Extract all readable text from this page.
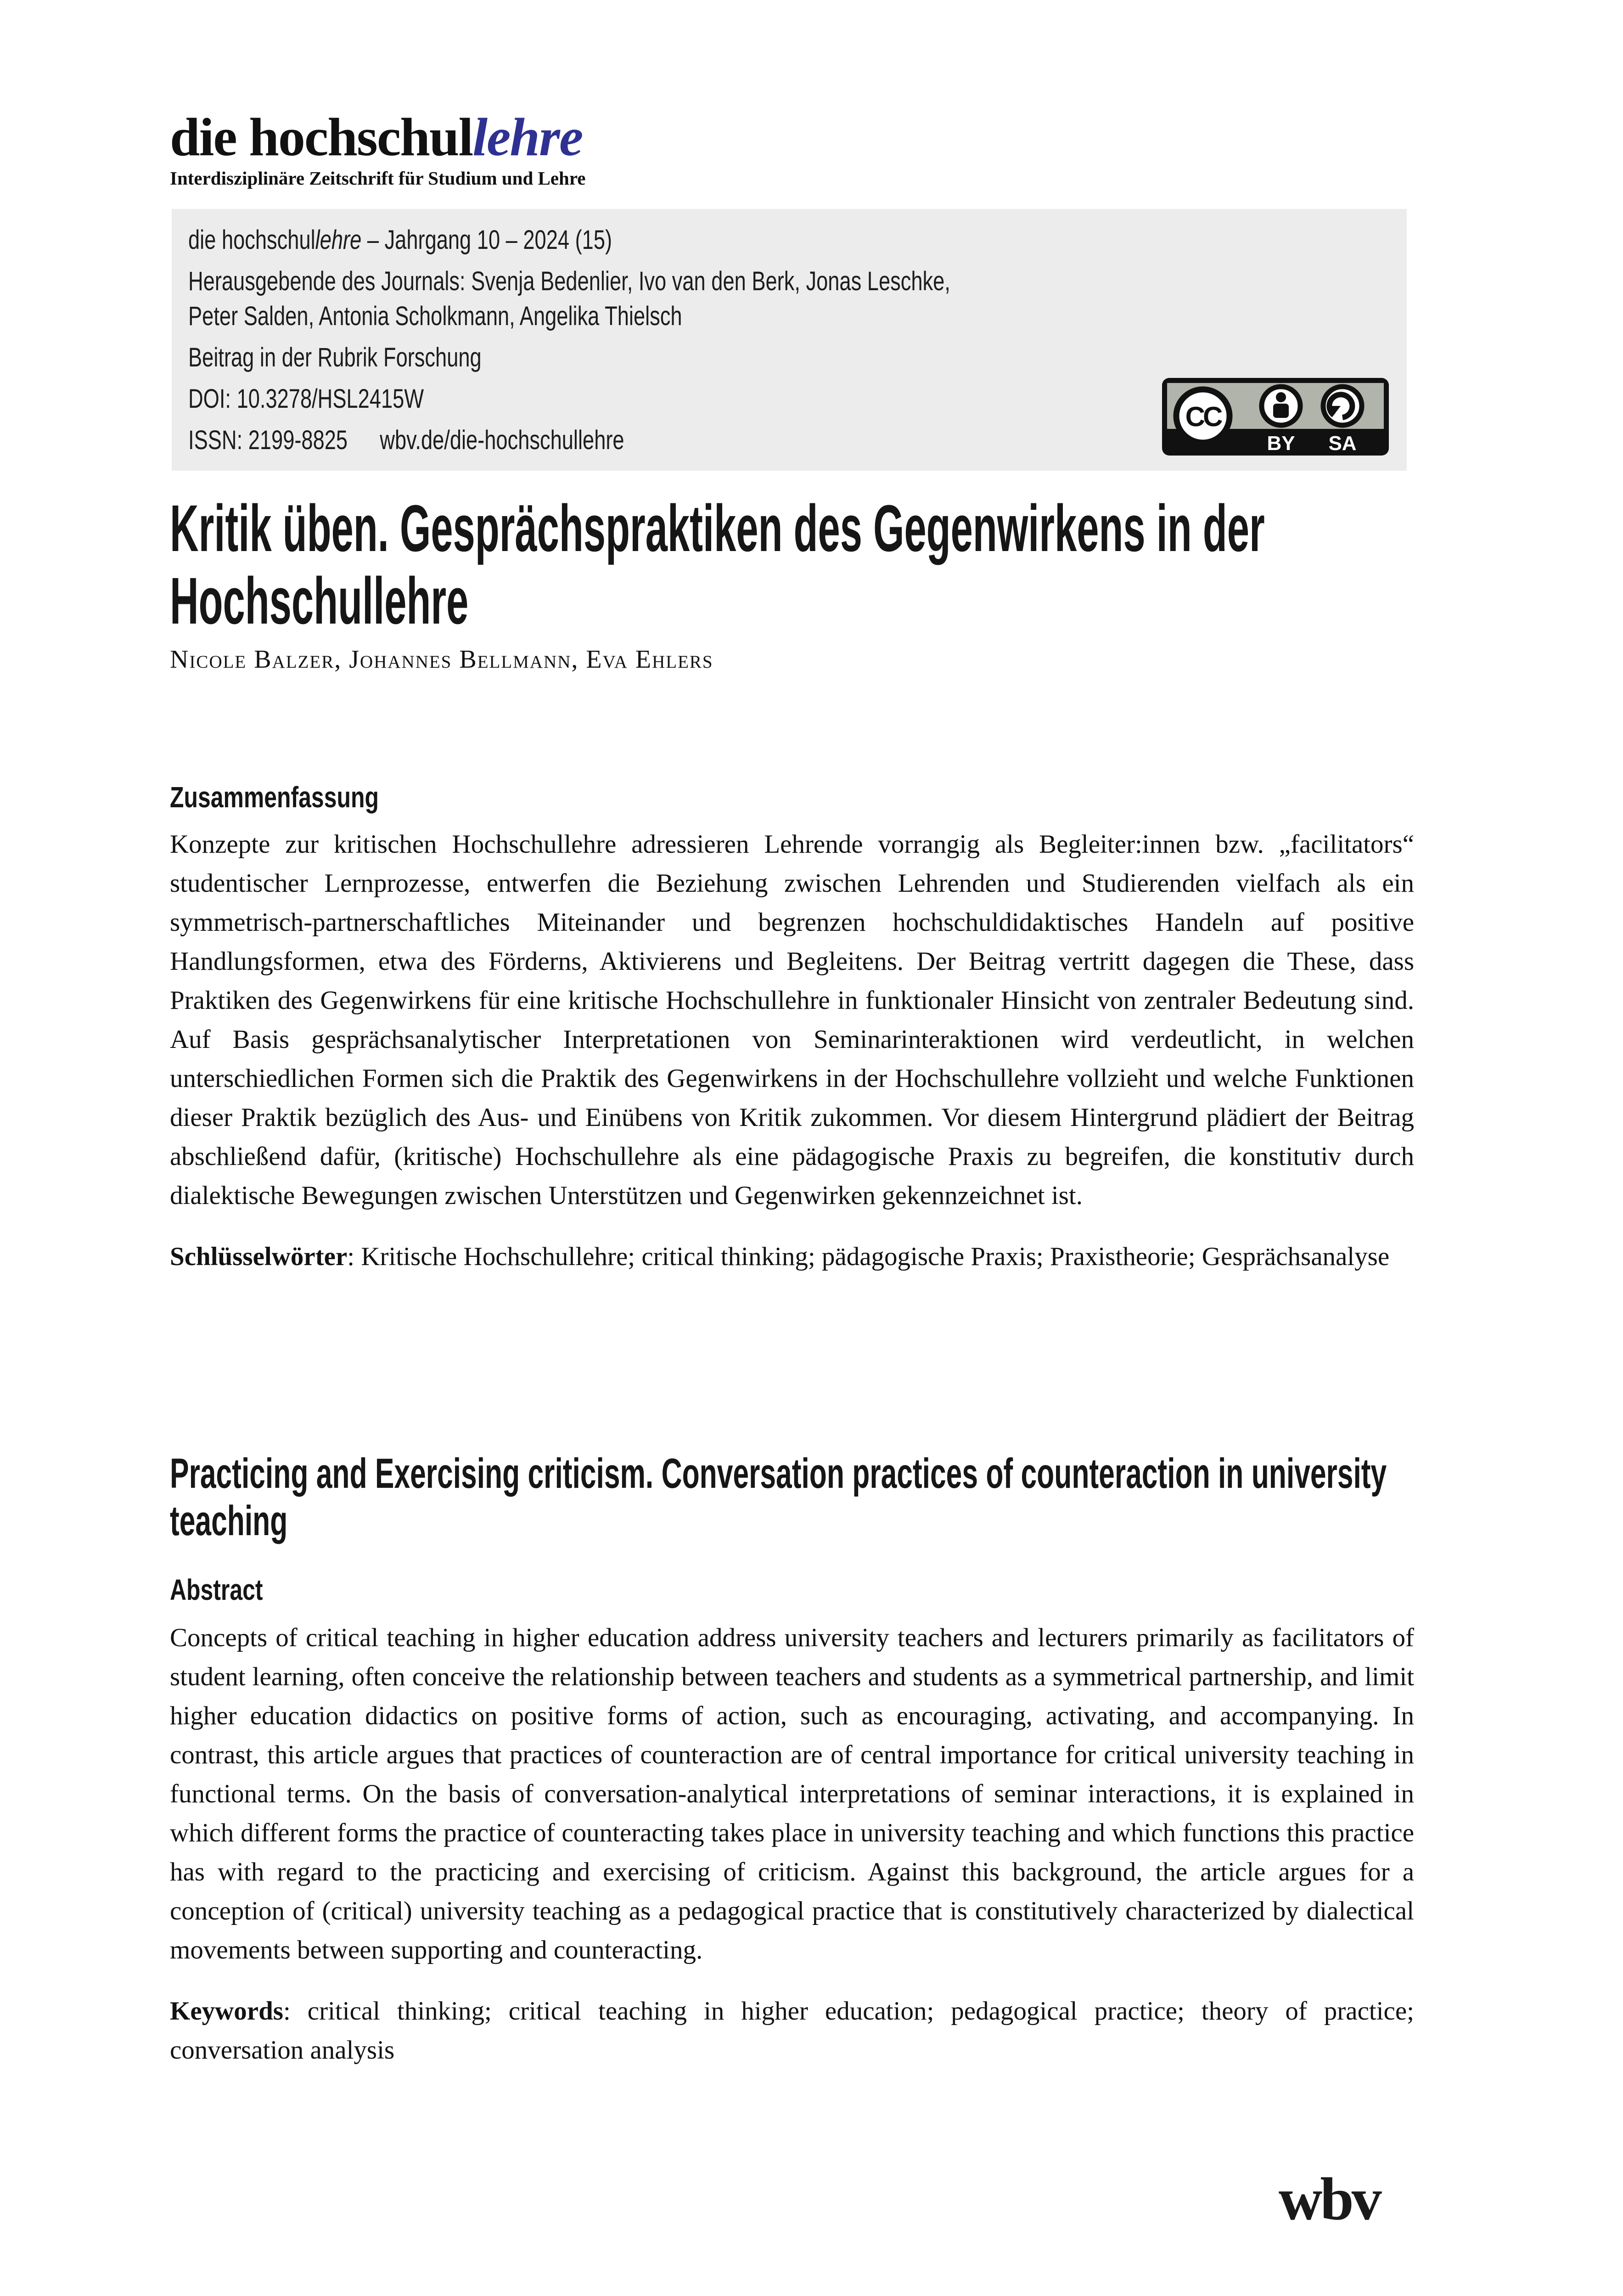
die hochschullehre
Interdisziplinäre Zeitschrift für Studium und Lehre
die hochschullehre – Jahrgang 10 – 2024 (15)
Herausgebende des Journals: Svenja Bedenlier, Ivo van den Berk, Jonas Leschke,
Peter Salden, Antonia Scholkmann, Angelika Thielsch
Beitrag in der Rubrik Forschung
DOI: 10.3278/HSL2415W
ISSN: 2199-8825 wbv.de/die-hochschullehre
CC
BY SA
Kritik üben. Gesprächspraktiken des Gegenwirkens in der Hochschullehre
Nicole Balzer, Johannes Bellmann, Eva Ehlers
Zusammenfassung

Konzepte zur kritischen Hochschullehre adressieren Lehrende vorrangig als Begleiter:innen bzw. „facilitators“ studentischer Lernprozesse, entwerfen die Beziehung zwischen Lehrenden und Studierenden vielfach als ein symmetrisch-partnerschaftliches Miteinander und begrenzen hochschuldidaktisches Handeln auf positive Handlungsformen, etwa des Förderns, Aktivierens und Begleitens. Der Beitrag vertritt dagegen die These, dass Praktiken des Gegenwirkens für eine kritische Hochschullehre in funktionaler Hinsicht von zentraler Bedeutung sind. Auf Basis gesprächsanalytischer Interpretationen von Seminarinteraktionen wird verdeutlicht, in welchen unterschiedlichen Formen sich die Praktik des Gegenwirkens in der Hochschullehre vollzieht und welche Funktionen dieser Praktik bezüglich des Aus- und Einübens von Kritik zukommen. Vor diesem Hintergrund plädiert der Beitrag abschließend dafür, (kritische) Hochschullehre als eine pädagogische Praxis zu begreifen, die konstitutiv durch dialektische Bewegungen zwischen Unterstützen und Gegenwirken gekennzeichnet ist.

Schlüsselwörter: Kritische Hochschullehre; critical thinking; pädagogische Praxis; Praxistheorie; Gesprächsanalyse

Practicing and Exercising criticism. Conversation practices of counteraction in university teaching
Abstract

Concepts of critical teaching in higher education address university teachers and lecturers primarily as facilitators of student learning, often conceive the relationship between teachers and students as a symmetrical partnership, and limit higher education didactics on positive forms of action, such as encouraging, activating, and accompanying. In contrast, this article argues that practices of counteraction are of central importance for critical university teaching in functional terms. On the basis of conversation-analytical interpretations of seminar interactions, it is explained in which different forms the practice of counteracting takes place in university teaching and which functions this practice has with regard to the practicing and exercising of criticism. Against this background, the article argues for a conception of (critical) university teaching as a pedagogical practice that is constitutively characterized by dialectical movements between supporting and counteracting.

Keywords: critical thinking; critical teaching in higher education; pedagogical practice; theory of practice; conversation analysis

wbv
